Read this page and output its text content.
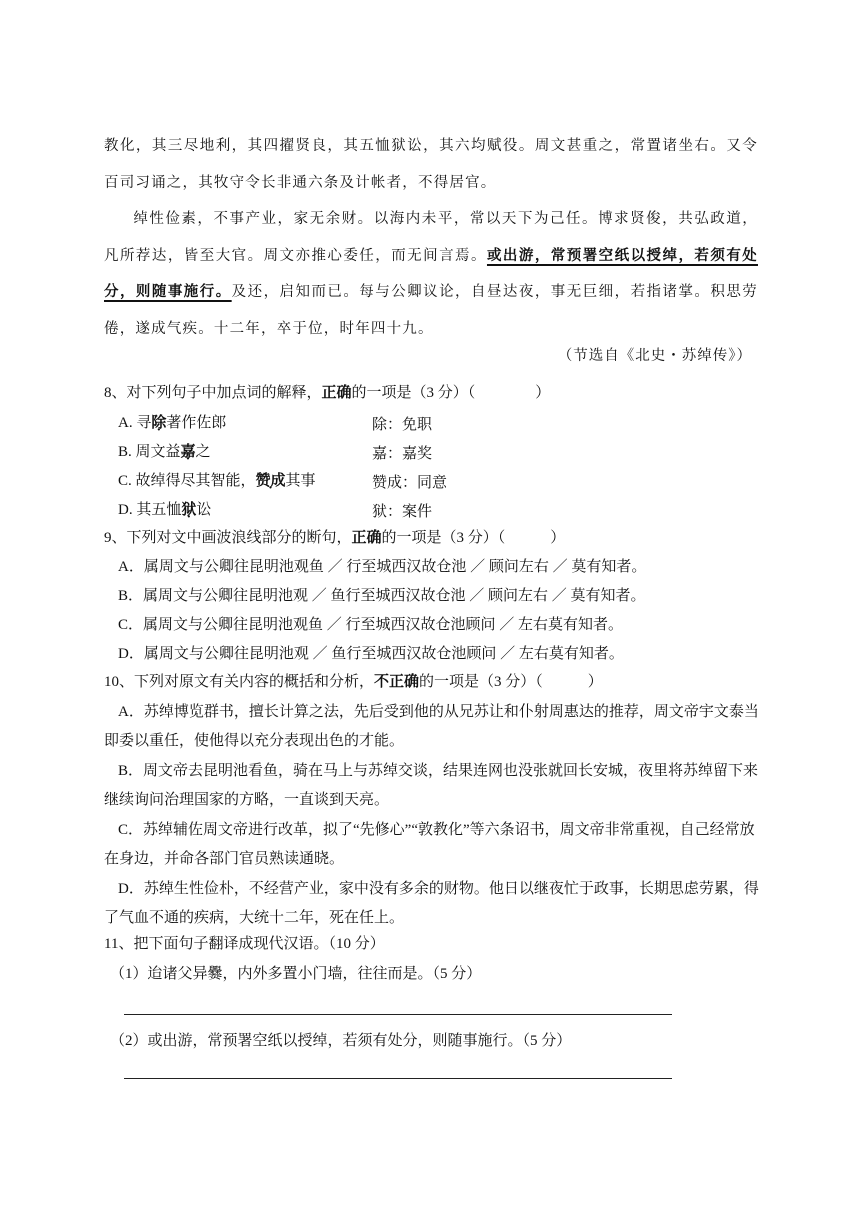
教化，其三尽地利，其四擢贤良，其五恤狱讼，其六均赋役。周文甚重之，常置诸坐右。又令百司习诵之，其牧守令长非通六条及计帐者，不得居官。
绰性俭素，不事产业，家无余财。以海内未平，常以天下为己任。博求贤俊，共弘政道，凡所荐达，皆至大官。周文亦推心委任，而无间言焉。或出游，常预署空纸以授绰，若须有处分，则随事施行。及还，启知而已。每与公卿议论，自昼达夜，事无巨细，若指诸掌。积思劳倦，遂成气疾。十二年，卒于位，时年四十九。
（节选自《北史・苏绰传》）
8、对下列句子中加点词的解释，正确的一项是（3 分）（　　　　）
A. 寻除著作佐郎	除：免职
B. 周文益嘉之	嘉：嘉奖
C. 故绰得尽其智能，赞成其事	赞成：同意
D. 其五恤狱讼	狱：案件
9、下列对文中画波浪线部分的断句，正确的一项是（3 分）（　　　）
A．属周文与公卿往昆明池观鱼 ／ 行至城西汉故仓池 ／ 顾问左右 ／ 莫有知者。
B．属周文与公卿往昆明池观 ／ 鱼行至城西汉故仓池 ／ 顾问左右 ／ 莫有知者。
C．属周文与公卿往昆明池观鱼 ／ 行至城西汉故仓池顾问 ／ 左右莫有知者。
D．属周文与公卿往昆明池观 ／ 鱼行至城西汉故仓池顾问 ／ 左右莫有知者。
10、下列对原文有关内容的概括和分析，不正确的一项是（3 分）（　　　）
A．苏绰博览群书，擅长计算之法，先后受到他的从兄苏让和仆射周惠达的推荐，周文帝宇文泰当即委以重任，使他得以充分表现出色的才能。
B．周文帝去昆明池看鱼，骑在马上与苏绰交谈，结果连网也没张就回长安城，夜里将苏绰留下来继续询问治理国家的方略，一直谈到天亮。
C．苏绰辅佐周文帝进行改革，拟了“先修心”“敦教化”等六条诏书，周文帝非常重视，自己经常放在身边，并命各部门官员熟读通晓。
D．苏绰生性俭朴，不经营产业，家中没有多余的财物。他日以继夜忙于政事，长期思虑劳累，得了气血不通的疾病，大统十二年，死在任上。
11、把下面句子翻译成现代汉语。（10 分）
（1）迨诸父异爨，内外多置小门墙，往往而是。（5 分）
（2）或出游，常预署空纸以授绰，若须有处分，则随事施行。（5 分）
